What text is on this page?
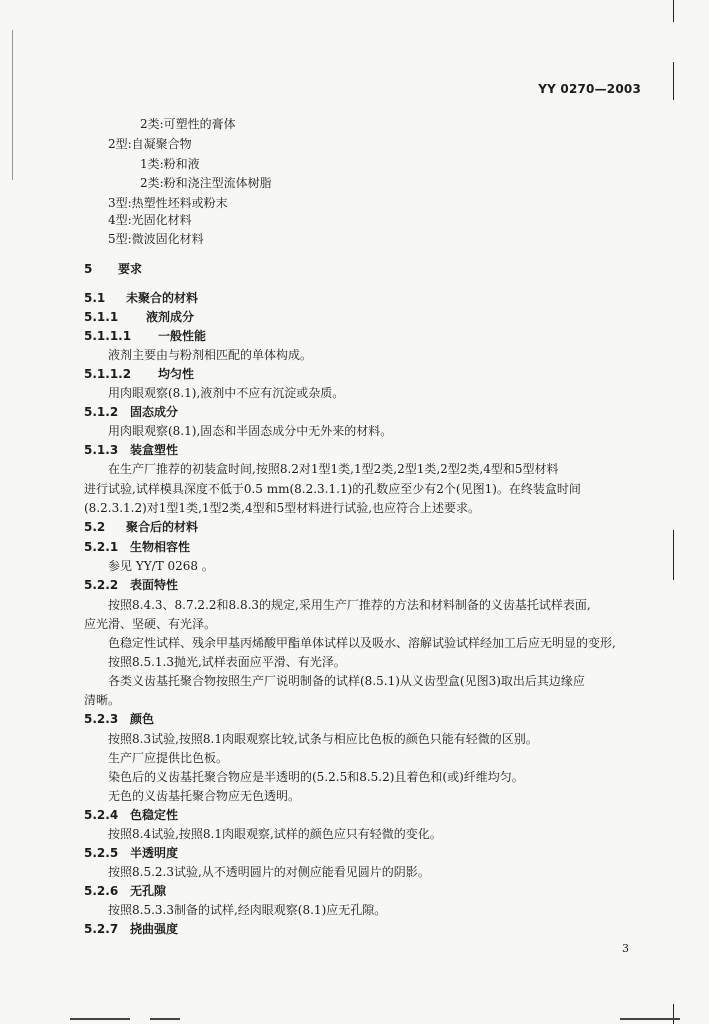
YY 0270—2003
2类:可塑性的膏体
2型:自凝聚合物
1类:粉和液
2类:粉和浇注型流体树脂
3型:热塑性坯料或粉末
4型:光固化材料
5型:微波固化材料
5 要求
5.1 未聚合的材料
5.1.1 液剂成分
5.1.1.1 一般性能
液剂主要由与粉剂相匹配的单体构成。
5.1.1.2 均匀性
用肉眼观察(8.1),液剂中不应有沉淀或杂质。
5.1.2 固态成分
用肉眼观察(8.1),固态和半固态成分中无外来的材料。
5.1.3 装盒塑性
在生产厂推荐的初装盒时间,按照8.2对1型1类,1型2类,2型1类,2型2类,4型和5型材料
进行试验,试样模具深度不低于0.5 mm(8.2.3.1.1)的孔数应至少有2个(见图1)。在终装盒时间
(8.2.3.1.2)对1型1类,1型2类,4型和5型材料进行试验,也应符合上述要求。
5.2 聚合后的材料
5.2.1 生物相容性
参见 YY/T 0268 。
5.2.2 表面特性
按照8.4.3、8.7.2.2和8.8.3的规定,采用生产厂推荐的方法和材料制备的义齿基托试样表面,
应光滑、坚硬、有光泽。
色稳定性试样、残余甲基丙烯酸甲酯单体试样以及吸水、溶解试验试样经加工后应无明显的变形,
按照8.5.1.3抛光,试样表面应平滑、有光泽。
各类义齿基托聚合物按照生产厂说明制备的试样(8.5.1)从义齿型盒(见图3)取出后其边缘应
清晰。
5.2.3 颜色
按照8.3试验,按照8.1肉眼观察比较,试条与相应比色板的颜色只能有轻微的区别。
生产厂应提供比色板。
染色后的义齿基托聚合物应是半透明的(5.2.5和8.5.2)且着色和(或)纤维均匀。
无色的义齿基托聚合物应无色透明。
5.2.4 色稳定性
按照8.4试验,按照8.1肉眼观察,试样的颜色应只有轻微的变化。
5.2.5 半透明度
按照8.5.2.3试验,从不透明圆片的对侧应能看见圆片的阴影。
5.2.6 无孔隙
按照8.5.3.3制备的试样,经肉眼观察(8.1)应无孔隙。
5.2.7 挠曲强度
3
